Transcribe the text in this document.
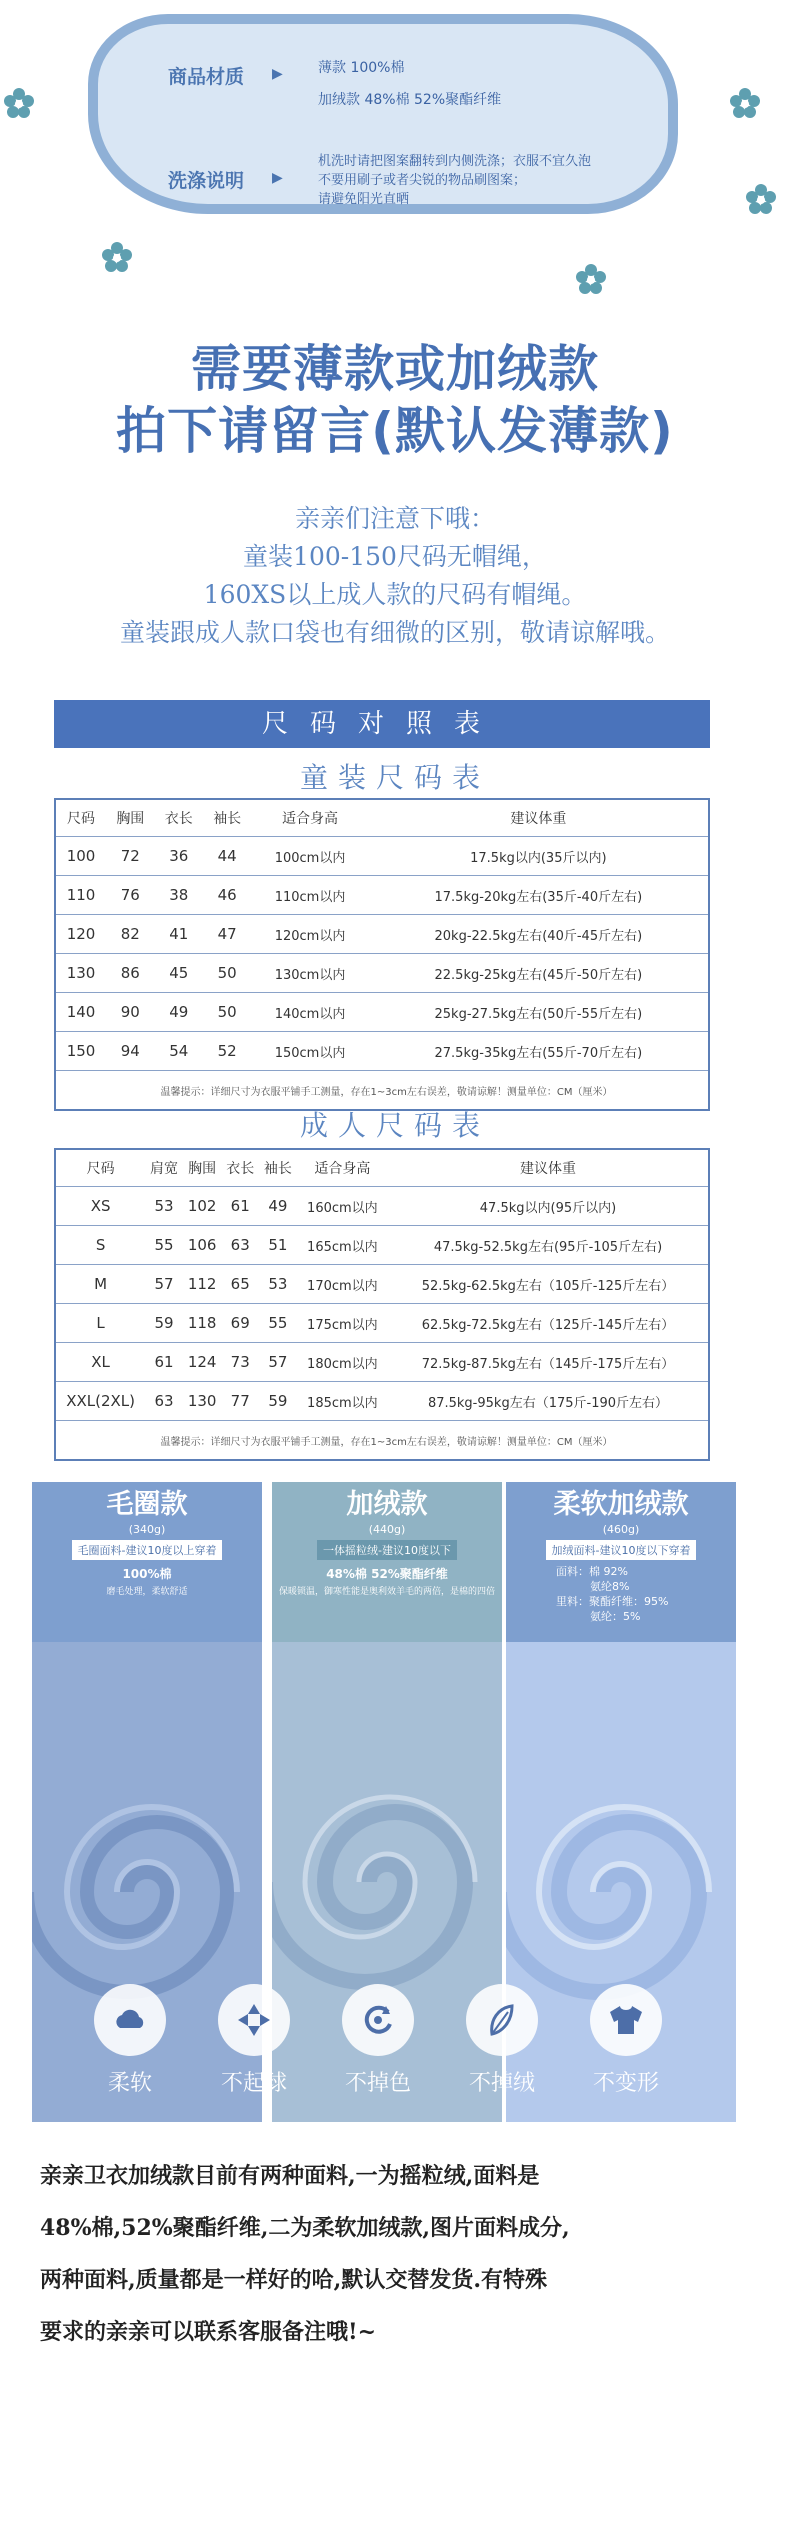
商品材质 ▶	薄款 100%棉
加绒款 48%棉 52%聚酯纤维
洗涤说明 ▶
机洗时请把图案翻转到内侧洗涤；衣服不宜久泡
不要用刷子或者尖锐的物品刷图案；
请避免阳光直晒
需要薄款或加绒款
拍下请留言(默认发薄款)
亲亲们注意下哦：
童装100-150尺码无帽绳，
160XS以上成人款的尺码有帽绳。
童装跟成人款口袋也有细微的区别，敬请谅解哦。
尺码对照表
童装尺码表
尺码	胸围	衣长	袖长	适合身高	建议体重
100	72	36	44	100cm以内	17.5kg以内(35斤以内)
110	76	38	46	110cm以内	17.5kg-20kg左右(35斤-40斤左右)
120	82	41	47	120cm以内	20kg-22.5kg左右(40斤-45斤左右)
130	86	45	50	130cm以内	22.5kg-25kg左右(45斤-50斤左右)
140	90	49	50	140cm以内	25kg-27.5kg左右(50斤-55斤左右)
150	94	54	52	150cm以内	27.5kg-35kg左右(55斤-70斤左右)
温馨提示：详细尺寸为衣服平铺手工测量，存在1~3cm左右误差，敬请谅解！测量单位：CM（厘米）					
成人尺码表
尺码	肩宽	胸围	衣长	袖长	适合身高	建议体重
XS	53	102	61	49	160cm以内	47.5kg以内(95斤以内)
S	55	106	63	51	165cm以内	47.5kg-52.5kg左右(95斤-105斤左右)
M	57	112	65	53	170cm以内	52.5kg-62.5kg左右（105斤-125斤左右）
L	59	118	69	55	175cm以内	62.5kg-72.5kg左右（125斤-145斤左右）
XL	61	124	73	57	180cm以内	72.5kg-87.5kg左右（145斤-175斤左右）
XXL(2XL)	63	130	77	59	185cm以内	87.5kg-95kg左右（175斤-190斤左右）
温馨提示：详细尺寸为衣服平铺手工测量，存在1~3cm左右误差，敬请谅解！测量单位：CM（厘米）						
毛圈款
(340g)
毛圈面料-建议10度以上穿着
100%棉
磨毛处理，柔软舒适
加绒款
(440g)
一体摇粒绒-建议10度以下
48%棉 52%聚酯纤维
保暖锁温，御寒性能是奥利效羊毛的两倍，是棉的四倍
柔软加绒款
(460g)
加绒面料-建议10度以下穿着
面料：棉 92%
氨纶8%
里料：聚酯纤维：95%
氨纶：5%
柔软	不起球	不掉色	不掉绒	不变形
亲亲卫衣加绒款目前有两种面料,一为摇粒绒,面料是
48%棉,52%聚酯纤维,二为柔软加绒款,图片面料成分,
两种面料,质量都是一样好的哈,默认交替发货.有特殊
要求的亲亲可以联系客服备注哦!~
